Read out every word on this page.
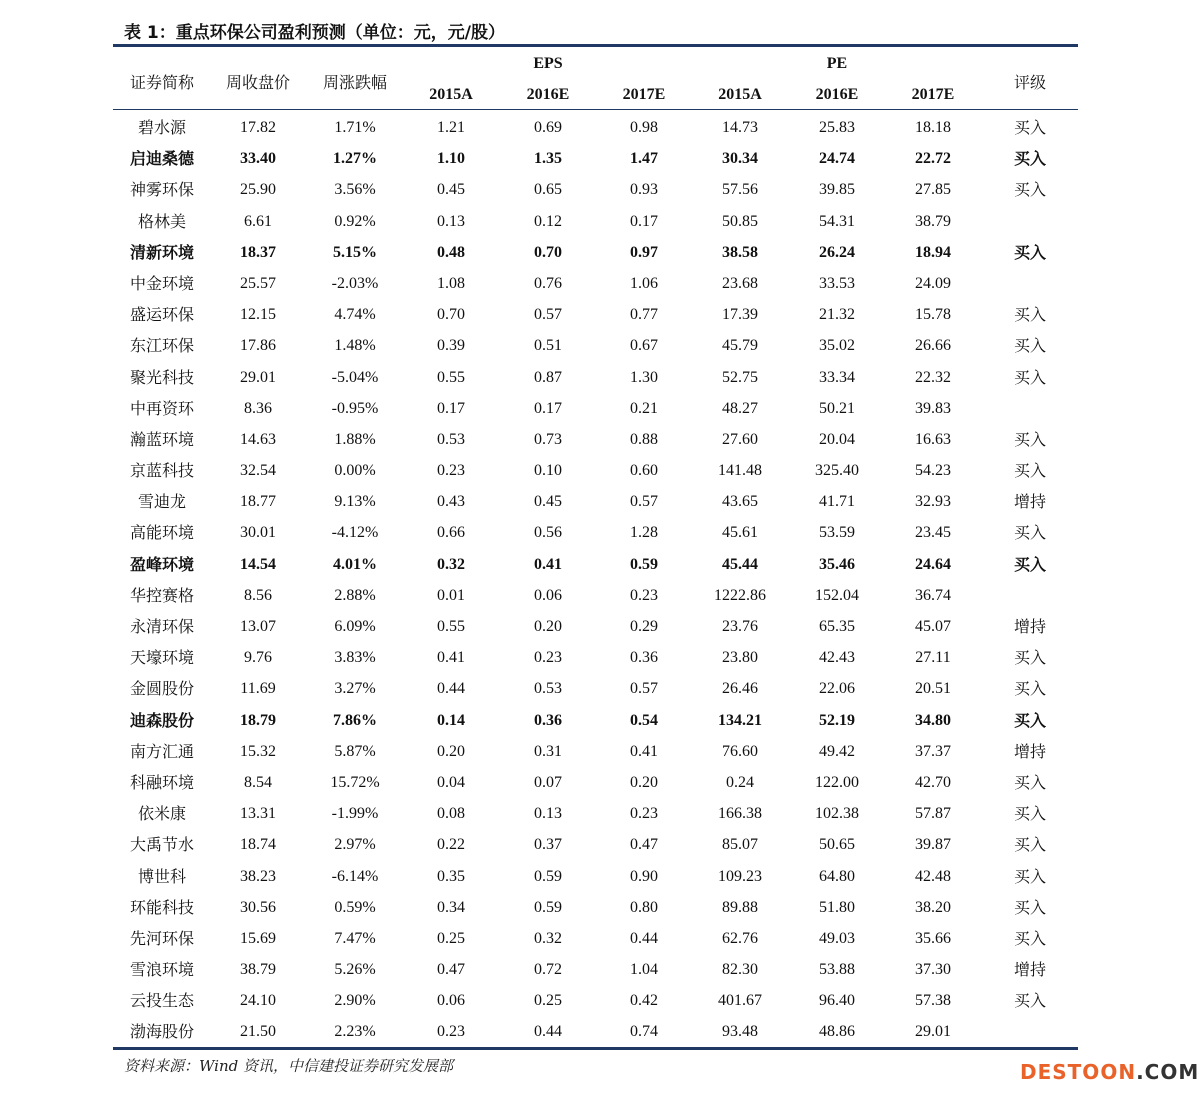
表 1：重点环保公司盈利预测（单位：元，元/股）
证券简称 周收盘价 周涨跌幅
EPS	PE
评级
2015A	2016E	2017E	2015A	2016E	2017E
碧水源	17.82	1.71%	1.21	0.69	0.98	14.73	25.83	18.18	买入
启迪桑德	33.40	1.27%	1.10	1.35	1.47	30.34	24.74	22.72	买入
神雾环保	25.90	3.56%	0.45	0.65	0.93	57.56	39.85	27.85	买入
格林美	6.61	0.92%	0.13	0.12	0.17	50.85	54.31	38.79
清新环境	18.37	5.15%	0.48	0.70	0.97	38.58	26.24	18.94	买入
中金环境	25.57	-2.03%	1.08	0.76	1.06	23.68	33.53	24.09
盛运环保	12.15	4.74%	0.70	0.57	0.77	17.39	21.32	15.78	买入
东江环保	17.86	1.48%	0.39	0.51	0.67	45.79	35.02	26.66	买入
聚光科技	29.01	-5.04%	0.55	0.87	1.30	52.75	33.34	22.32	买入
中再资环	8.36	-0.95%	0.17	0.17	0.21	48.27	50.21	39.83
瀚蓝环境	14.63	1.88%	0.53	0.73	0.88	27.60	20.04	16.63	买入
京蓝科技	32.54	0.00%	0.23	0.10	0.60	141.48	325.40	54.23	买入
雪迪龙	18.77	9.13%	0.43	0.45	0.57	43.65	41.71	32.93	增持
高能环境	30.01	-4.12%	0.66	0.56	1.28	45.61	53.59	23.45	买入
盈峰环境	14.54	4.01%	0.32	0.41	0.59	45.44	35.46	24.64	买入
华控赛格	8.56	2.88%	0.01	0.06	0.23	1222.86	152.04	36.74
永清环保	13.07	6.09%	0.55	0.20	0.29	23.76	65.35	45.07	增持
天壕环境	9.76	3.83%	0.41	0.23	0.36	23.80	42.43	27.11	买入
金圆股份	11.69	3.27%	0.44	0.53	0.57	26.46	22.06	20.51	买入
迪森股份	18.79	7.86%	0.14	0.36	0.54	134.21	52.19	34.80	买入
南方汇通	15.32	5.87%	0.20	0.31	0.41	76.60	49.42	37.37	增持
科融环境	8.54	15.72%	0.04	0.07	0.20	0.24	122.00	42.70	买入
依米康	13.31	-1.99%	0.08	0.13	0.23	166.38	102.38	57.87	买入
大禹节水	18.74	2.97%	0.22	0.37	0.47	85.07	50.65	39.87	买入
博世科	38.23	-6.14%	0.35	0.59	0.90	109.23	64.80	42.48	买入
环能科技	30.56	0.59%	0.34	0.59	0.80	89.88	51.80	38.20	买入
先河环保	15.69	7.47%	0.25	0.32	0.44	62.76	49.03	35.66	买入
雪浪环境	38.79	5.26%	0.47	0.72	1.04	82.30	53.88	37.30	增持
云投生态	24.10	2.90%	0.06	0.25	0.42	401.67	96.40	57.38	买入
渤海股份	21.50	2.23%	0.23	0.44	0.74	93.48	48.86	29.01
资料来源：Wind 资讯，中信建投证券研究发展部	DESTOON.COM
